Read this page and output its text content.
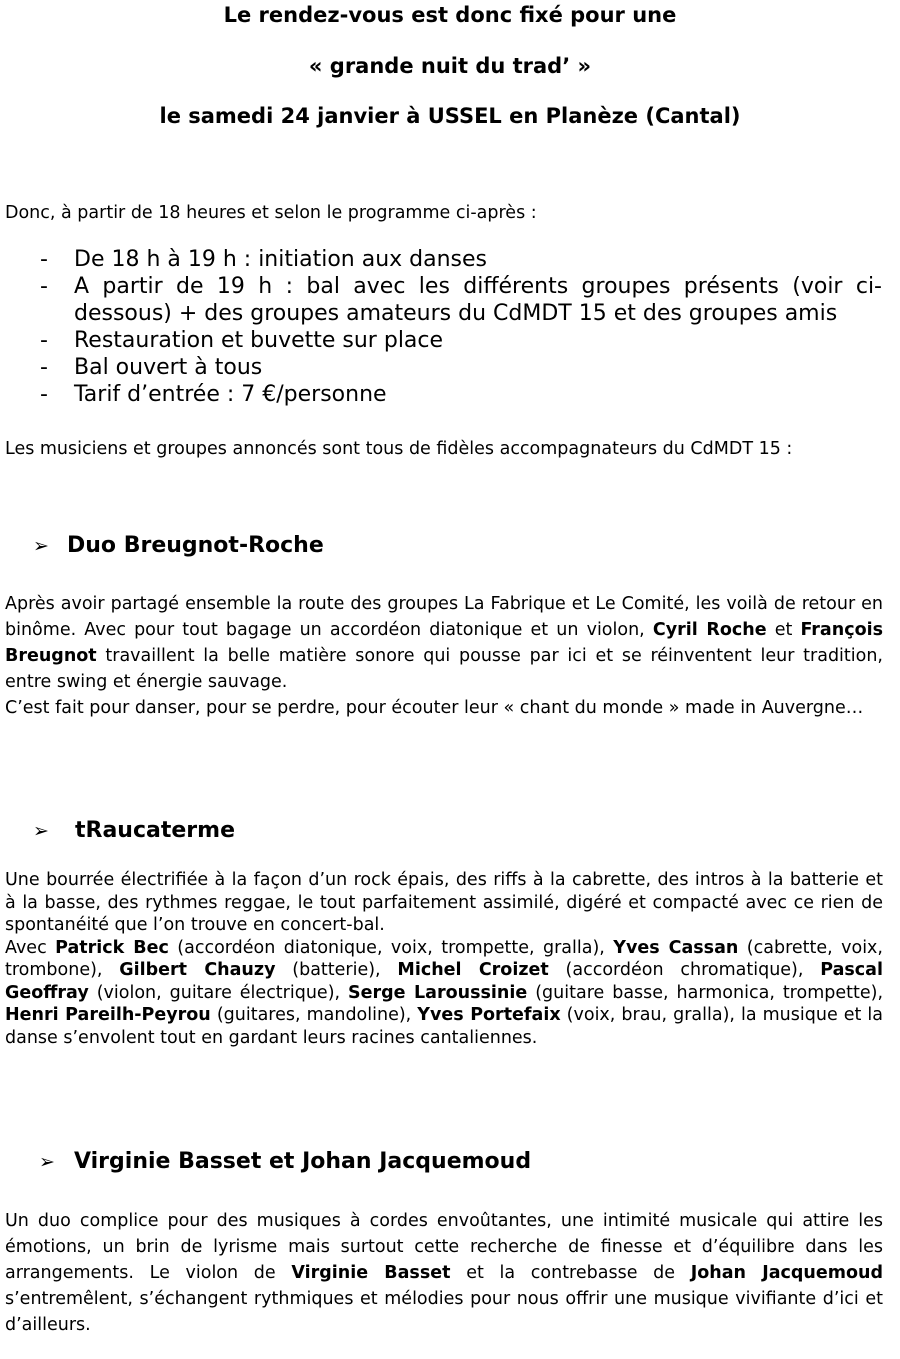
Le rendez-vous est donc fixé pour une
« grande nuit du trad’ »
le samedi 24 janvier à USSEL en Planèze (Cantal)

Donc, à partir de 18 heures et selon le programme ci-après :

- De 18 h à 19 h : initiation aux danses
- A partir de 19 h : bal avec les différents groupes présents (voir ci-dessous) + des groupes amateurs du CdMDT 15 et des groupes amis
- Restauration et buvette sur place
- Bal ouvert à tous
- Tarif d’entrée : 7 €/personne

Les musiciens et groupes annoncés sont tous de fidèles accompagnateurs du CdMDT 15 :

➢ Duo Breugnot-Roche
Après avoir partagé ensemble la route des groupes La Fabrique et Le Comité, les voilà de retour en binôme. Avec pour tout bagage un accordéon diatonique et un violon, Cyril Roche et François Breugnot travaillent la belle matière sonore qui pousse par ici et se réinventent leur tradition, entre swing et énergie sauvage.
C’est fait pour danser, pour se perdre, pour écouter leur « chant du monde » made in Auvergne…
➢ tRaucaterme
Une bourrée électrifiée à la façon d’un rock épais, des riffs à la cabrette, des intros à la batterie et à la basse, des rythmes reggae, le tout parfaitement assimilé, digéré et compacté avec ce rien de spontanéité que l’on trouve en concert-bal.
Avec Patrick Bec (accordéon diatonique, voix, trompette, gralla), Yves Cassan (cabrette, voix, trombone), Gilbert Chauzy (batterie), Michel Croizet (accordéon chromatique), Pascal Geoffray (violon, guitare électrique), Serge Laroussinie (guitare basse, harmonica, trompette), Henri Pareilh-Peyrou (guitares, mandoline), Yves Portefaix (voix, brau, gralla), la musique et la danse s’envolent tout en gardant leurs racines cantaliennes.
➢ Virginie Basset et Johan Jacquemoud
Un duo complice pour des musiques à cordes envoûtantes, une intimité musicale qui attire les émotions, un brin de lyrisme mais surtout cette recherche de finesse et d’équilibre dans les arrangements. Le violon de Virginie Basset et la contrebasse de Johan Jacquemoud s’entremêlent, s’échangent rythmiques et mélodies pour nous offrir une musique vivifiante d’ici et d’ailleurs.
